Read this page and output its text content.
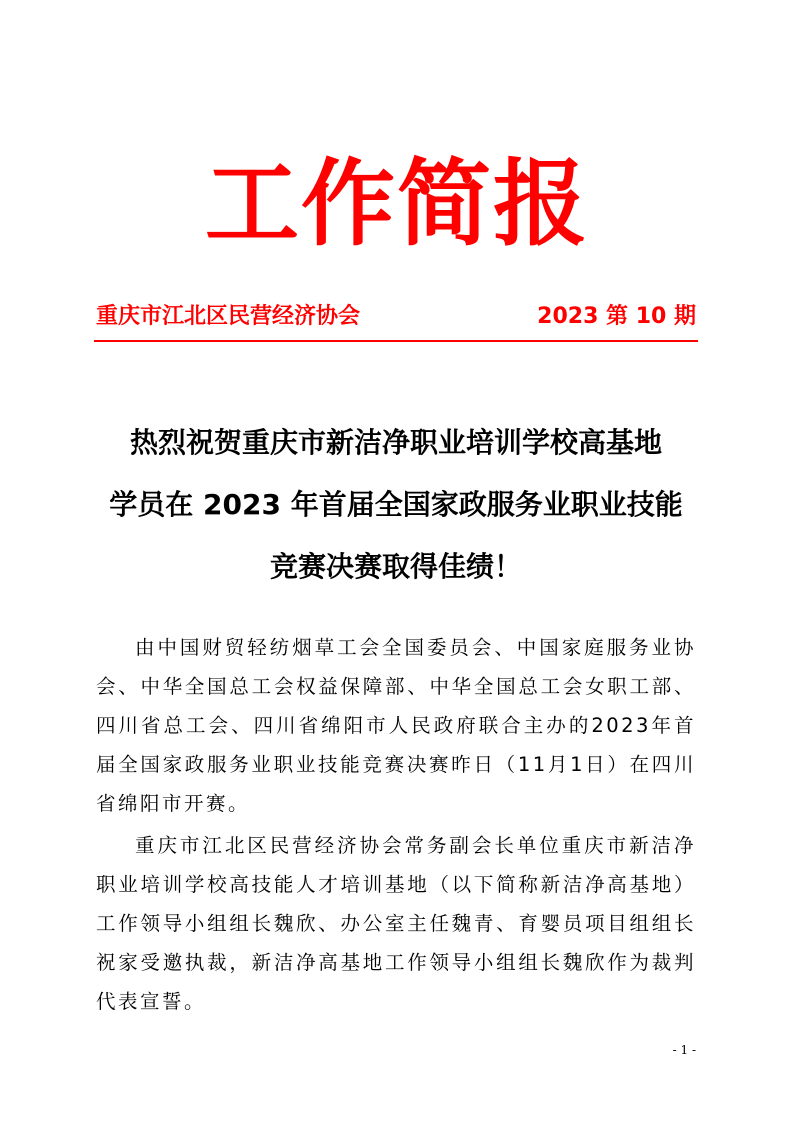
工作简报
重庆市江北区民营经济协会	2023 第 10 期
热烈祝贺重庆市新洁净职业培训学校高基地
学员在 2023 年首届全国家政服务业职业技能
竞赛决赛取得佳绩！

由中国财贸轻纺烟草工会全国委员会、中国家庭服务业协会、中华全国总工会权益保障部、中华全国总工会女职工部、四川省总工会、四川省绵阳市人民政府联合主办的2023年首届全国家政服务业职业技能竞赛决赛昨日（11月1日）在四川省绵阳市开赛。

重庆市江北区民营经济协会常务副会长单位重庆市新洁净职业培训学校高技能人才培训基地（以下简称新洁净高基地）工作领导小组组长魏欣、办公室主任魏青、育婴员项目组组长祝家受邀执裁，新洁净高基地工作领导小组组长魏欣作为裁判代表宣誓。

- 1 -
